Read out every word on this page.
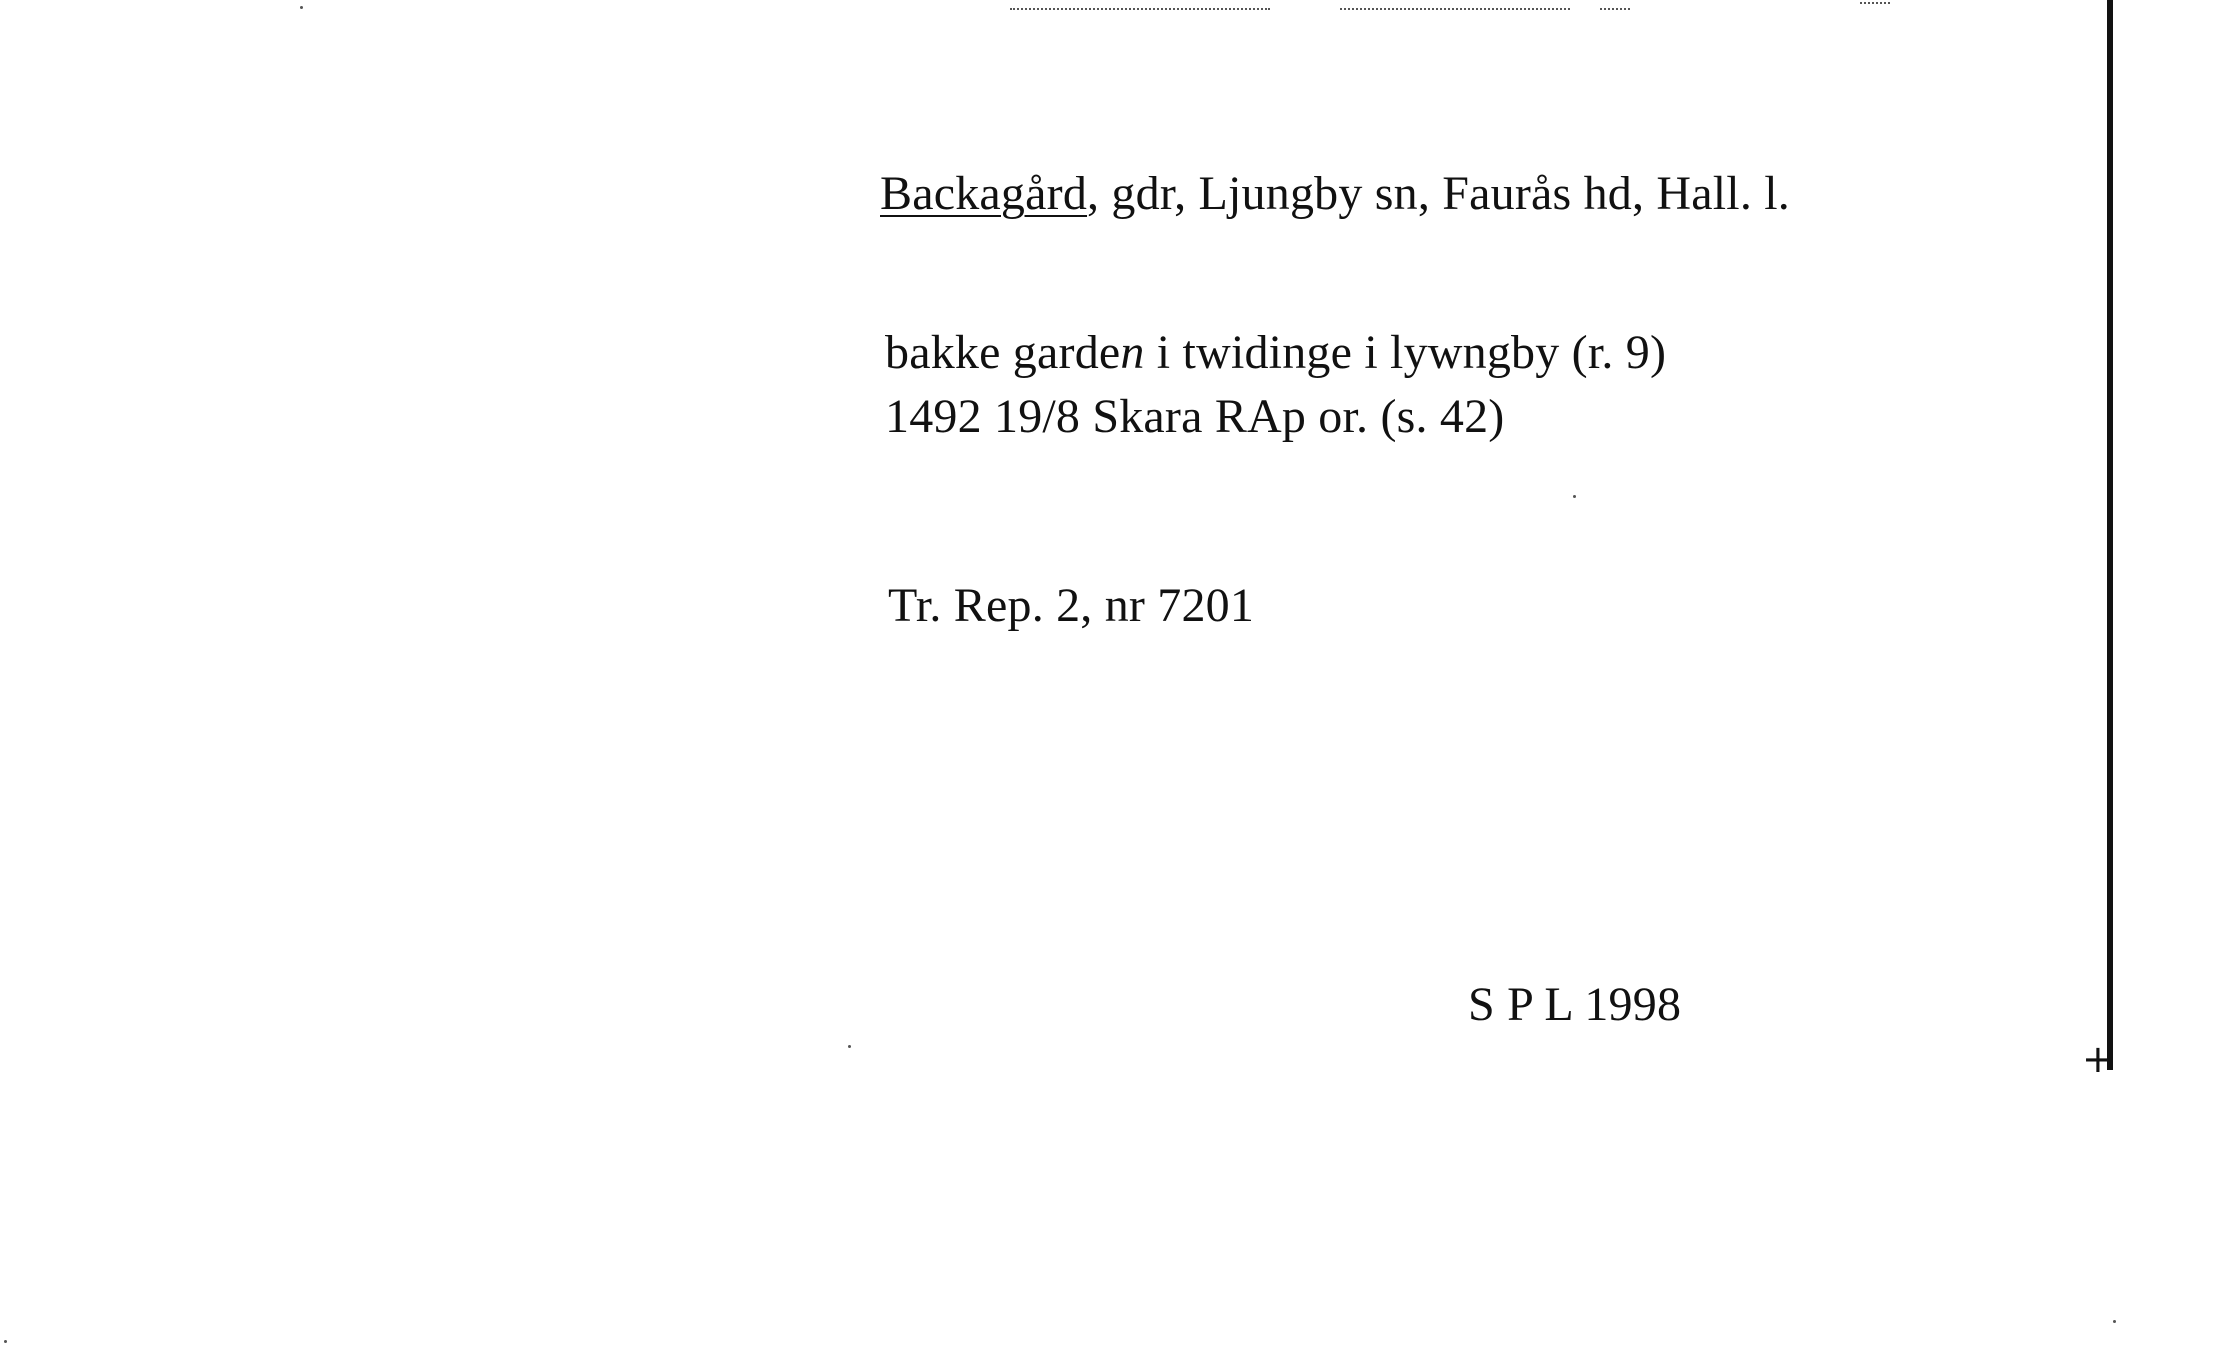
+
Backagård, gdr, Ljungby sn, Faurås hd, Hall. l.
bakke garden i twidinge i lywngby (r. 9)
1492 19/8 Skara RAp or. (s. 42)
Tr. Rep. 2, nr 7201
S P L 1998
